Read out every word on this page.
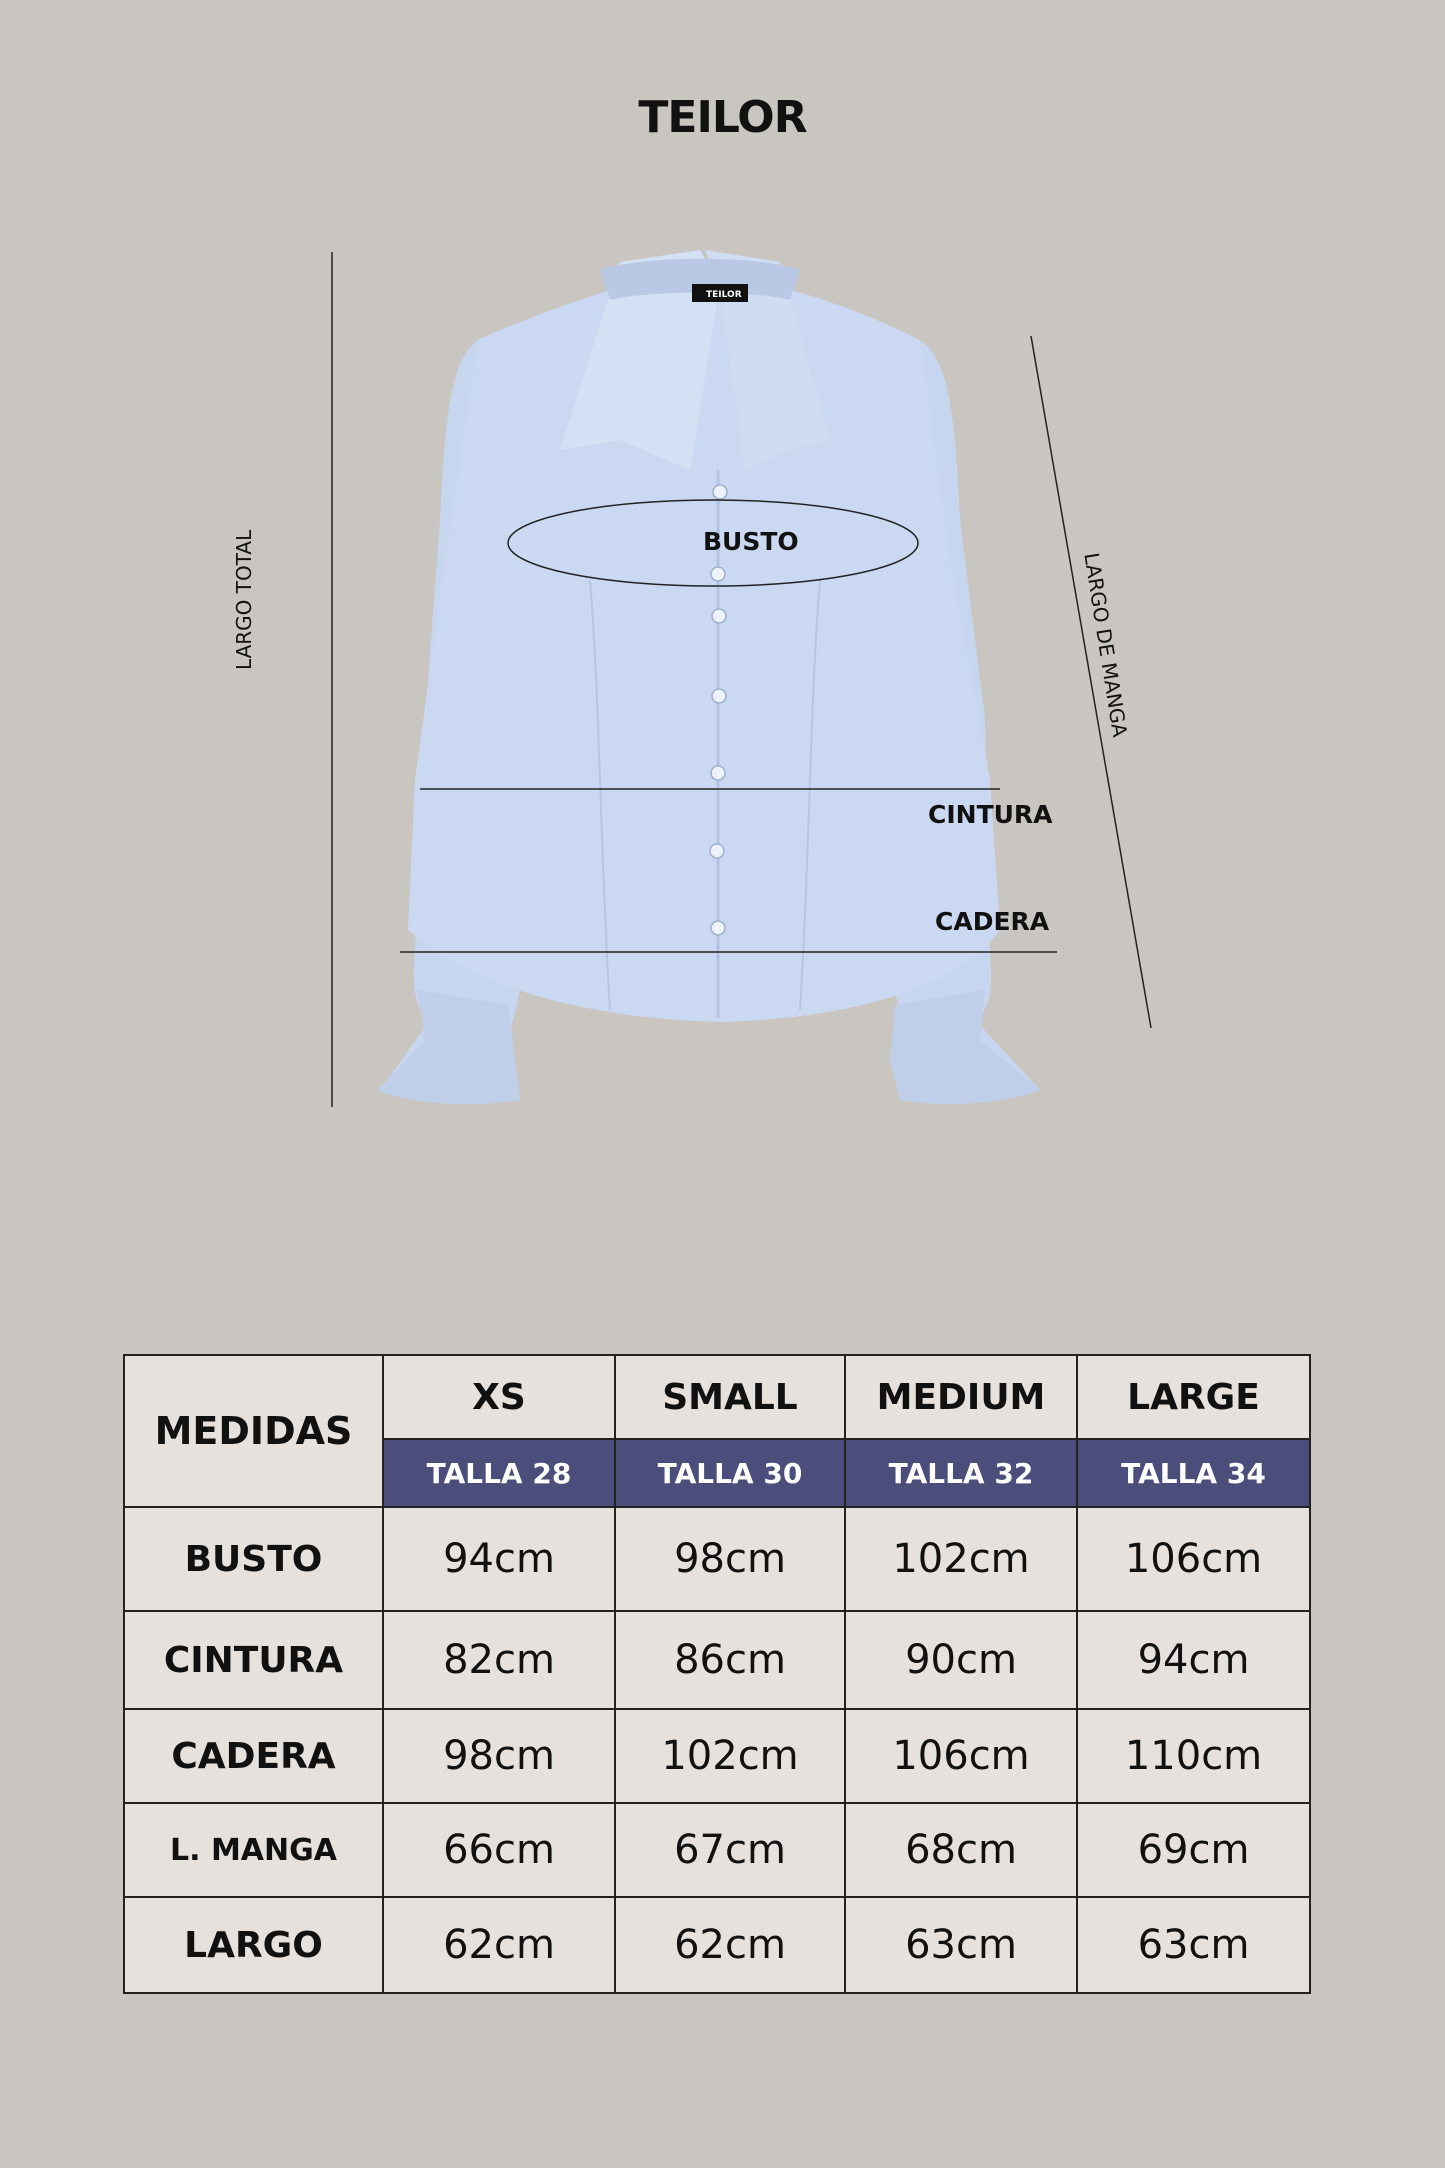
TEILOR
TEILOR
BUSTO
CINTURA
CADERA
LARGO TOTAL	LARGO DE MANGA
MEDIDAS	XS	SMALL	MEDIUM	LARGE
	TALLA 28	TALLA 30	TALLA 32	TALLA 34
BUSTO	94cm	98cm	102cm	106cm
CINTURA	82cm	86cm	90cm	94cm
CADERA	98cm	102cm	106cm	110cm
L. MANGA	66cm	67cm	68cm	69cm
LARGO	62cm	62cm	63cm	63cm
